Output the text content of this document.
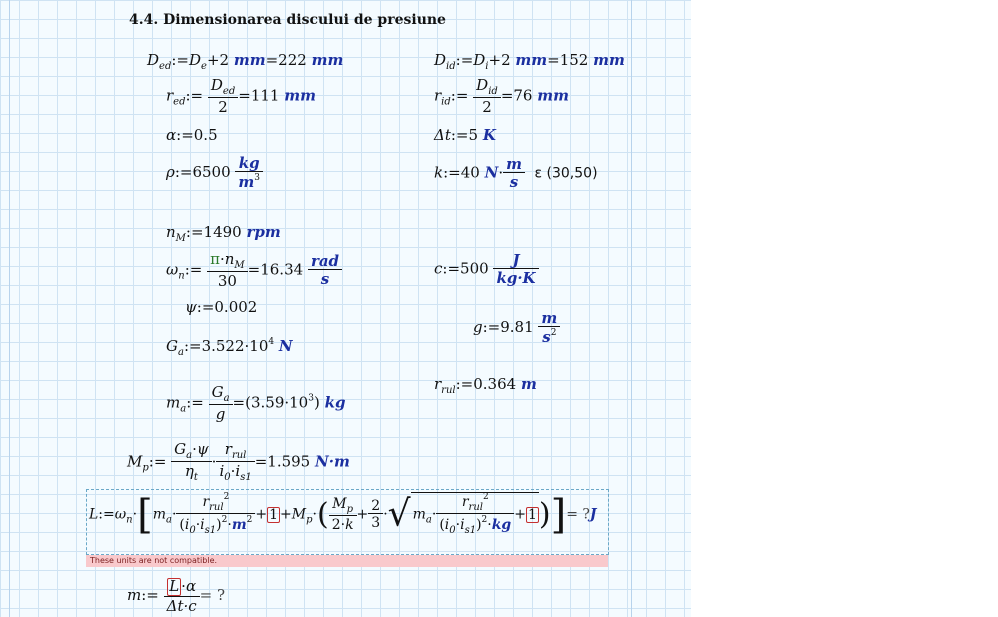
4.4. Dimensionarea discului de presiune
$D_{ed}:=D_e+2$ mm=222 mm	$D_{id}:=D_i+2$ mm=152 mm
$r_{ed}:= \frac{D_{ed}}{2} =111$ mm	$r_{id}:= \frac{D_{id}}{2} =76$ mm
α:=0.5	Δt:=5 K
ρ:=6500 $\frac{kg}{m^3}$	k:=40 $N\cdot \frac{m}{s}$ ε (30,50)
$n_M:=1490$ rpm
$\omega_n:= \frac{\pi\cdot n_M}{30} =16.34 \frac{\text{rad}}{s}$	c:=500 $\frac{J}{kg\cdot K}$
ψ:=0.002
g:=9.81 $\frac{m}{s^2}$
$G_a:=3.522\cdot 10^4$ N
$r_{rul}:=0.364$ m
$m_a:= \frac{G_a}{g} =(3.59\cdot 10^3)$ kg
$M_p:= \frac{G_a\cdot\psi}{\eta_t} \cdot \frac{r_{rul}}{i_0\cdot i_{s1}} =1.595$ N·m
$L:=\omega_n\cdot[m_a\cdot \frac{r_{rul}^2}{(i_0\cdot i_{s1})^2\cdot m^2} + 1 +M_p\cdot( \frac{M_p}{2\cdot k} + \frac{2}{3}$ ·√ $m_a\cdot \frac{r_{rul}^2}{(i_0\cdot i_{s1})^2\cdot kg} + 1)]=$ ?J
These units are not compatible.
m:= $\frac{L \cdot\alpha}{\Delta t\cdot c}$ = ?
